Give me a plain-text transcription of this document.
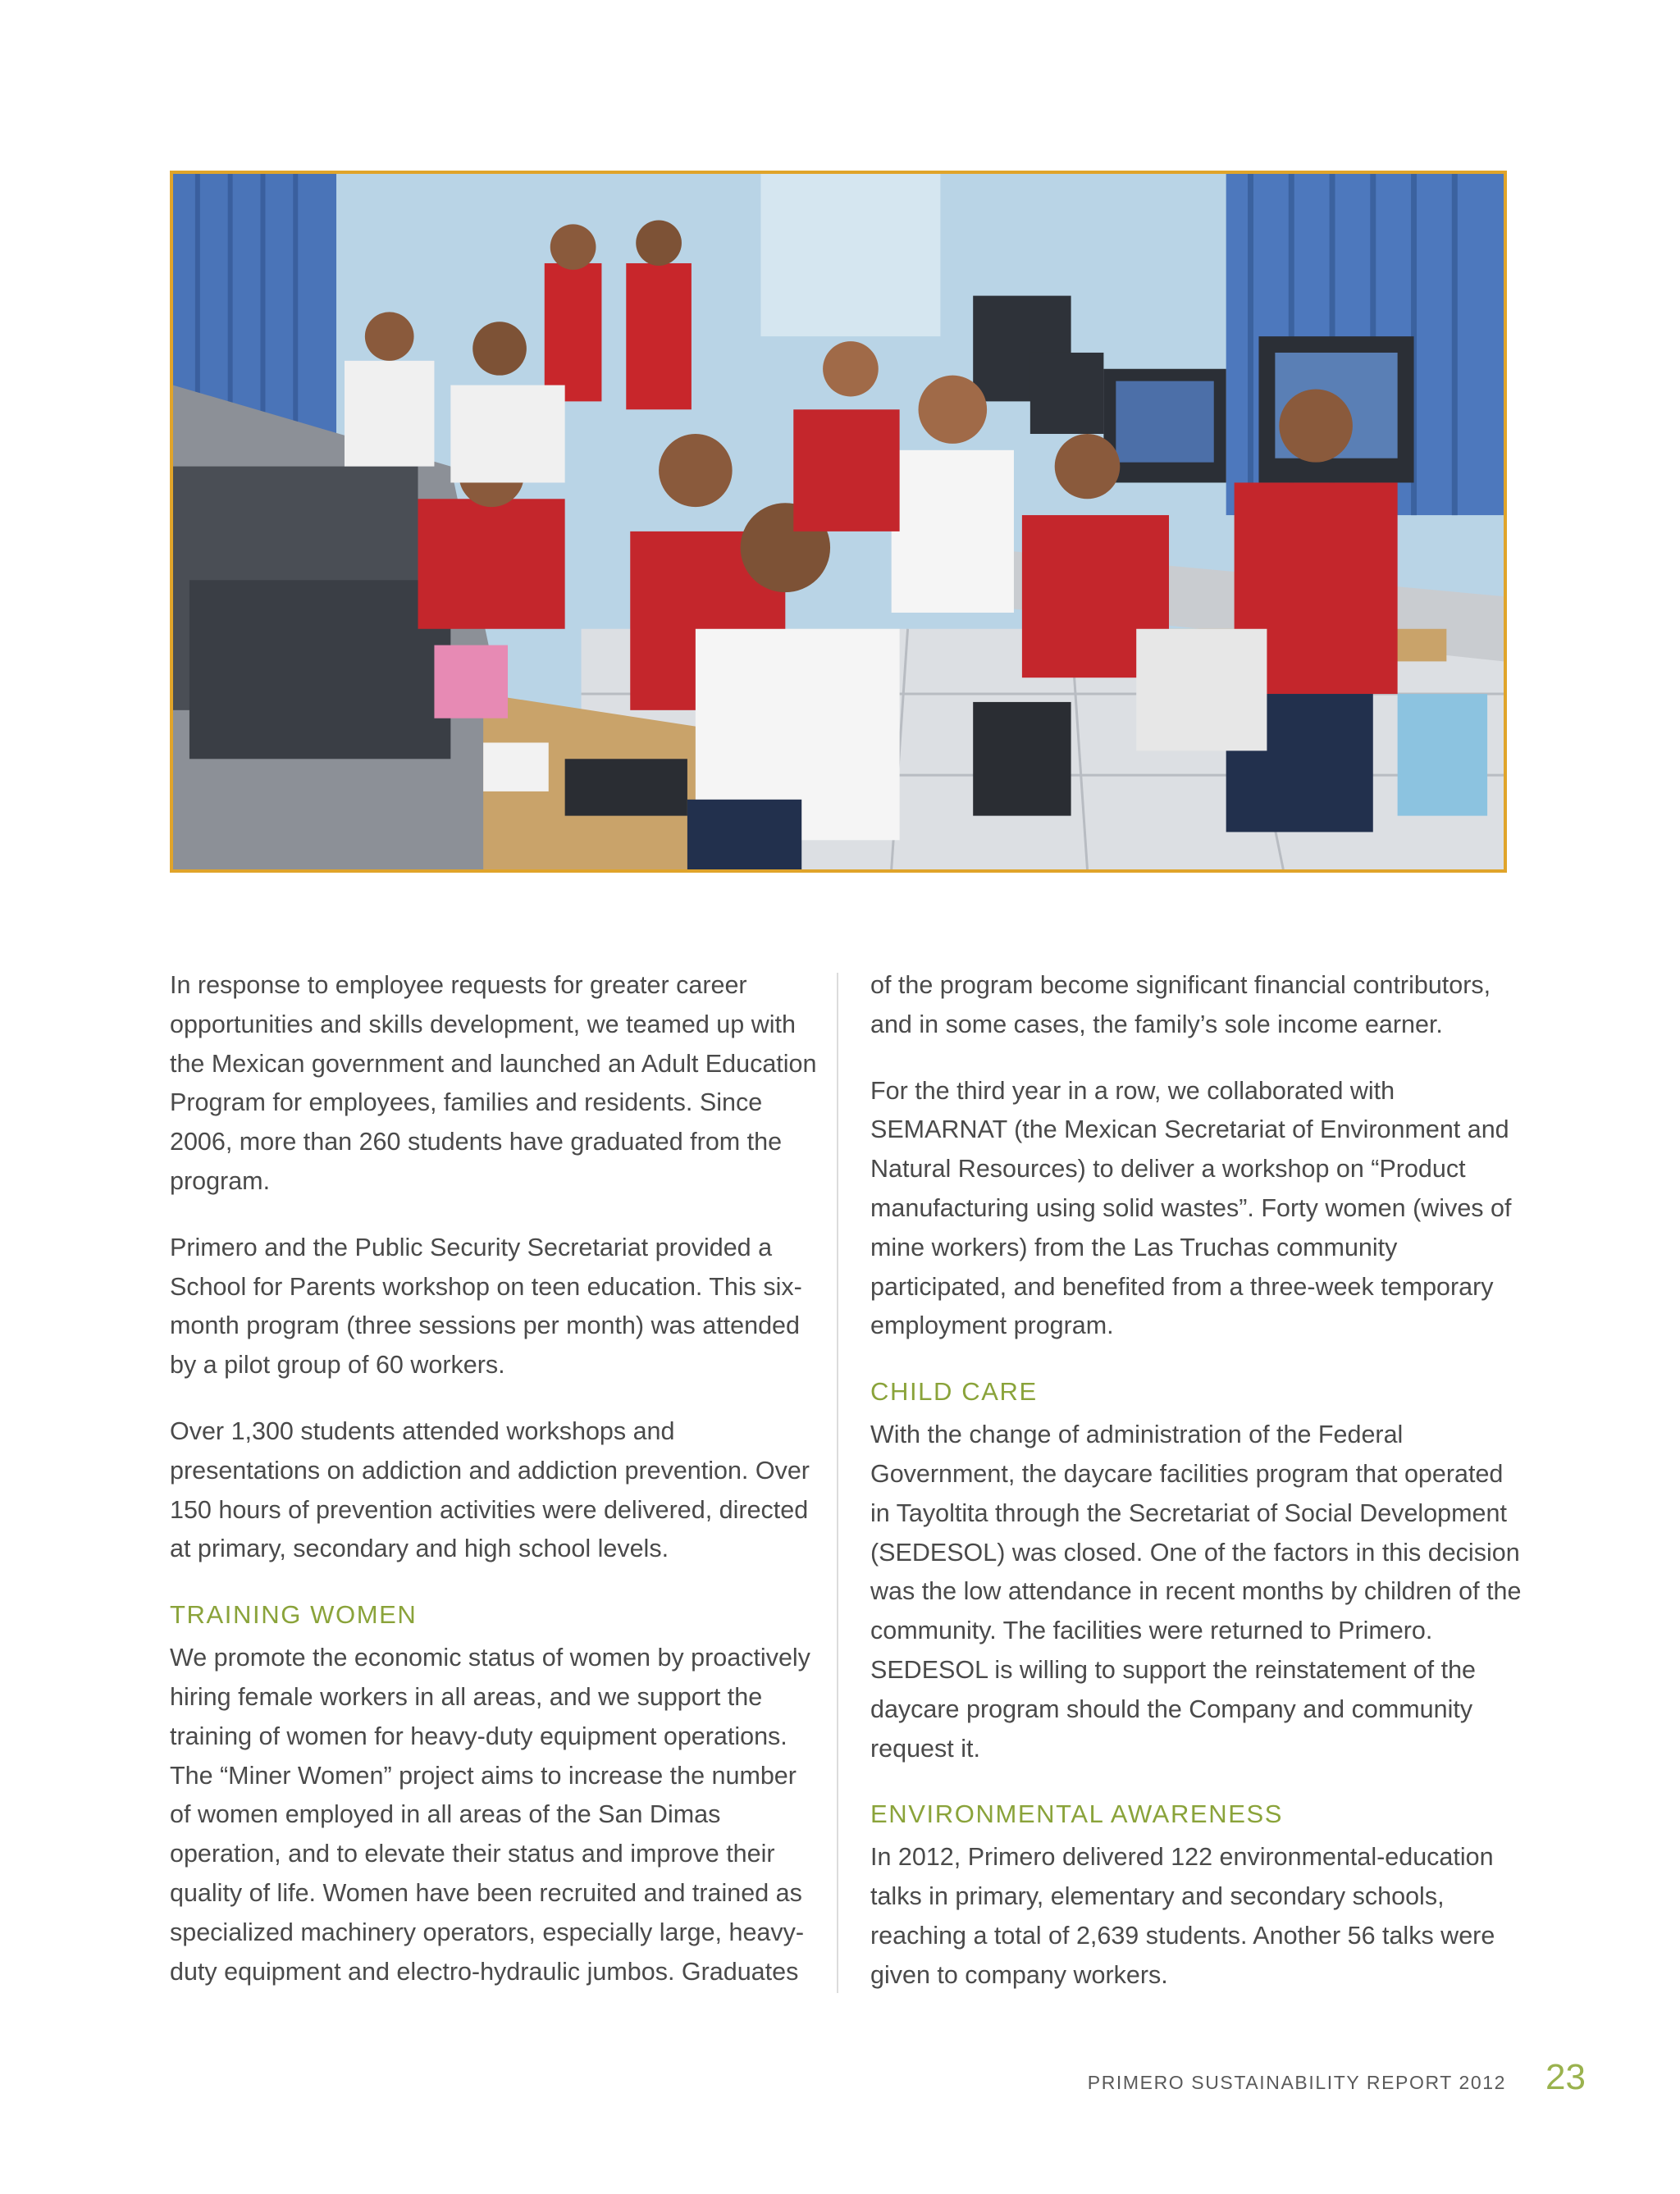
In response to employee requests for greater career opportunities and skills development, we teamed up with the Mexican government and launched an Adult Education Program for employees, families and residents. Since 2006, more than 260 students have graduated from the program.

Primero and the Public Security Secretariat provided a School for Parents workshop on teen education. This six-month program (three sessions per month) was attended by a pilot group of 60 workers.

Over 1,300 students attended workshops and presentations on addiction and addiction prevention. Over 150 hours of prevention activities were delivered, directed at primary, secondary and high school levels.

TRAINING WOMEN

We promote the economic status of women by proactively hiring female workers in all areas, and we support the training of women for heavy-duty equipment operations. The “Miner Women” project aims to increase the number of women employed in all areas of the San Dimas operation, and to elevate their status and improve their quality of life. Women have been recruited and trained as specialized machinery operators, especially large, heavy-duty equipment and electro-hydraulic jumbos. Graduates

of the program become significant financial contributors, and in some cases, the family’s sole income earner.

For the third year in a row, we collaborated with SEMARNAT (the Mexican Secretariat of Environment and Natural Resources) to deliver a workshop on “Product manufacturing using solid wastes”. Forty women (wives of mine workers) from the Las Truchas community participated, and benefited from a three-week temporary employment program.

CHILD CARE

With the change of administration of the Federal Government, the daycare facilities program that operated in Tayoltita through the Secretariat of Social Development (SEDESOL) was closed. One of the factors in this decision was the low attendance in recent months by children of the community. The facilities were returned to Primero. SEDESOL is willing to support the reinstatement of the daycare program should the Company and community request it.

ENVIRONMENTAL AWARENESS

In 2012, Primero delivered 122 environmental-education talks in primary, elementary and secondary schools, reaching a total of 2,639 students. Another 56 talks were given to company workers.

PRIMERO SUSTAINABILITY REPORT 2012 23
